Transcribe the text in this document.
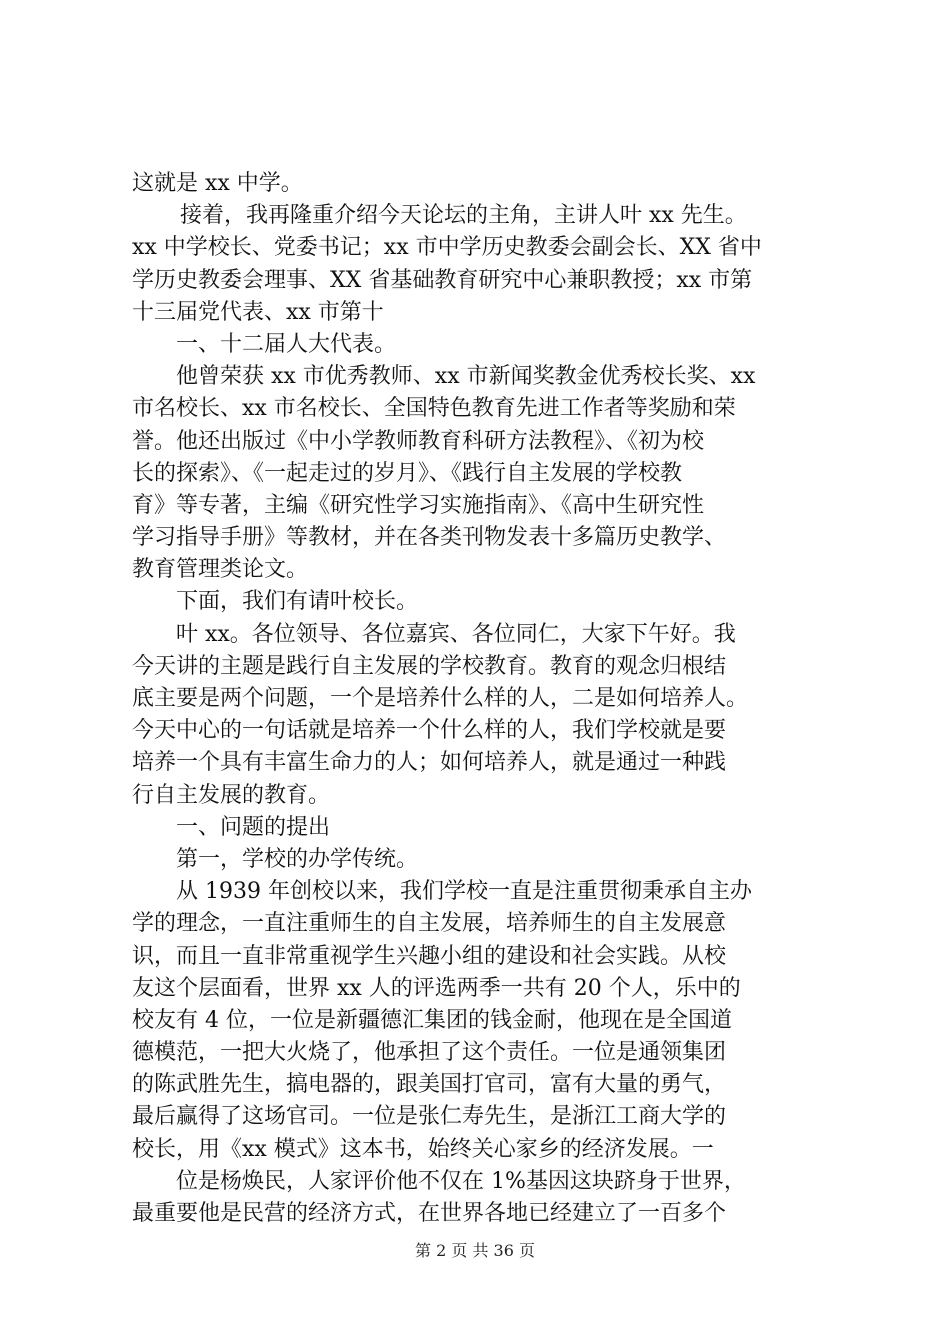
这就是 xx 中学。
接着，我再隆重介绍今天论坛的主角，主讲人叶 xx 先生。
xx 中学校长、党委书记；xx 市中学历史教委会副会长、XX 省中
学历史教委会理事、XX 省基础教育研究中心兼职教授；xx 市第
十三届党代表、xx 市第十
一、十二届人大代表。
他曾荣获 xx 市优秀教师、xx 市新闻奖教金优秀校长奖、xx
市名校长、xx 市名校长、全国特色教育先进工作者等奖励和荣
誉。他还出版过《中小学教师教育科研方法教程》、《初为校
长的探索》、《一起走过的岁月》、《践行自主发展的学校教
育》等专著，主编《研究性学习实施指南》、《高中生研究性
学习指导手册》等教材，并在各类刊物发表十多篇历史教学、
教育管理类论文。
下面，我们有请叶校长。
叶 xx。各位领导、各位嘉宾、各位同仁，大家下午好。我
今天讲的主题是践行自主发展的学校教育。教育的观念归根结
底主要是两个问题，一个是培养什么样的人，二是如何培养人。
今天中心的一句话就是培养一个什么样的人，我们学校就是要
培养一个具有丰富生命力的人；如何培养人，就是通过一种践
行自主发展的教育。
一、问题的提出
第一，学校的办学传统。
从 1939 年创校以来，我们学校一直是注重贯彻秉承自主办
学的理念，一直注重师生的自主发展，培养师生的自主发展意
识，而且一直非常重视学生兴趣小组的建设和社会实践。从校
友这个层面看，世界 xx 人的评选两季一共有 20 个人，乐中的
校友有 4 位，一位是新疆德汇集团的钱金耐，他现在是全国道
德模范，一把大火烧了，他承担了这个责任。一位是通领集团
的陈武胜先生，搞电器的，跟美国打官司，富有大量的勇气，
最后赢得了这场官司。一位是张仁寿先生，是浙江工商大学的
校长，用《xx 模式》这本书，始终关心家乡的经济发展。一
位是杨焕民，人家评价他不仅在 1%基因这块跻身于世界，
最重要他是民营的经济方式，在世界各地已经建立了一百多个
第 2 页 共 36 页
